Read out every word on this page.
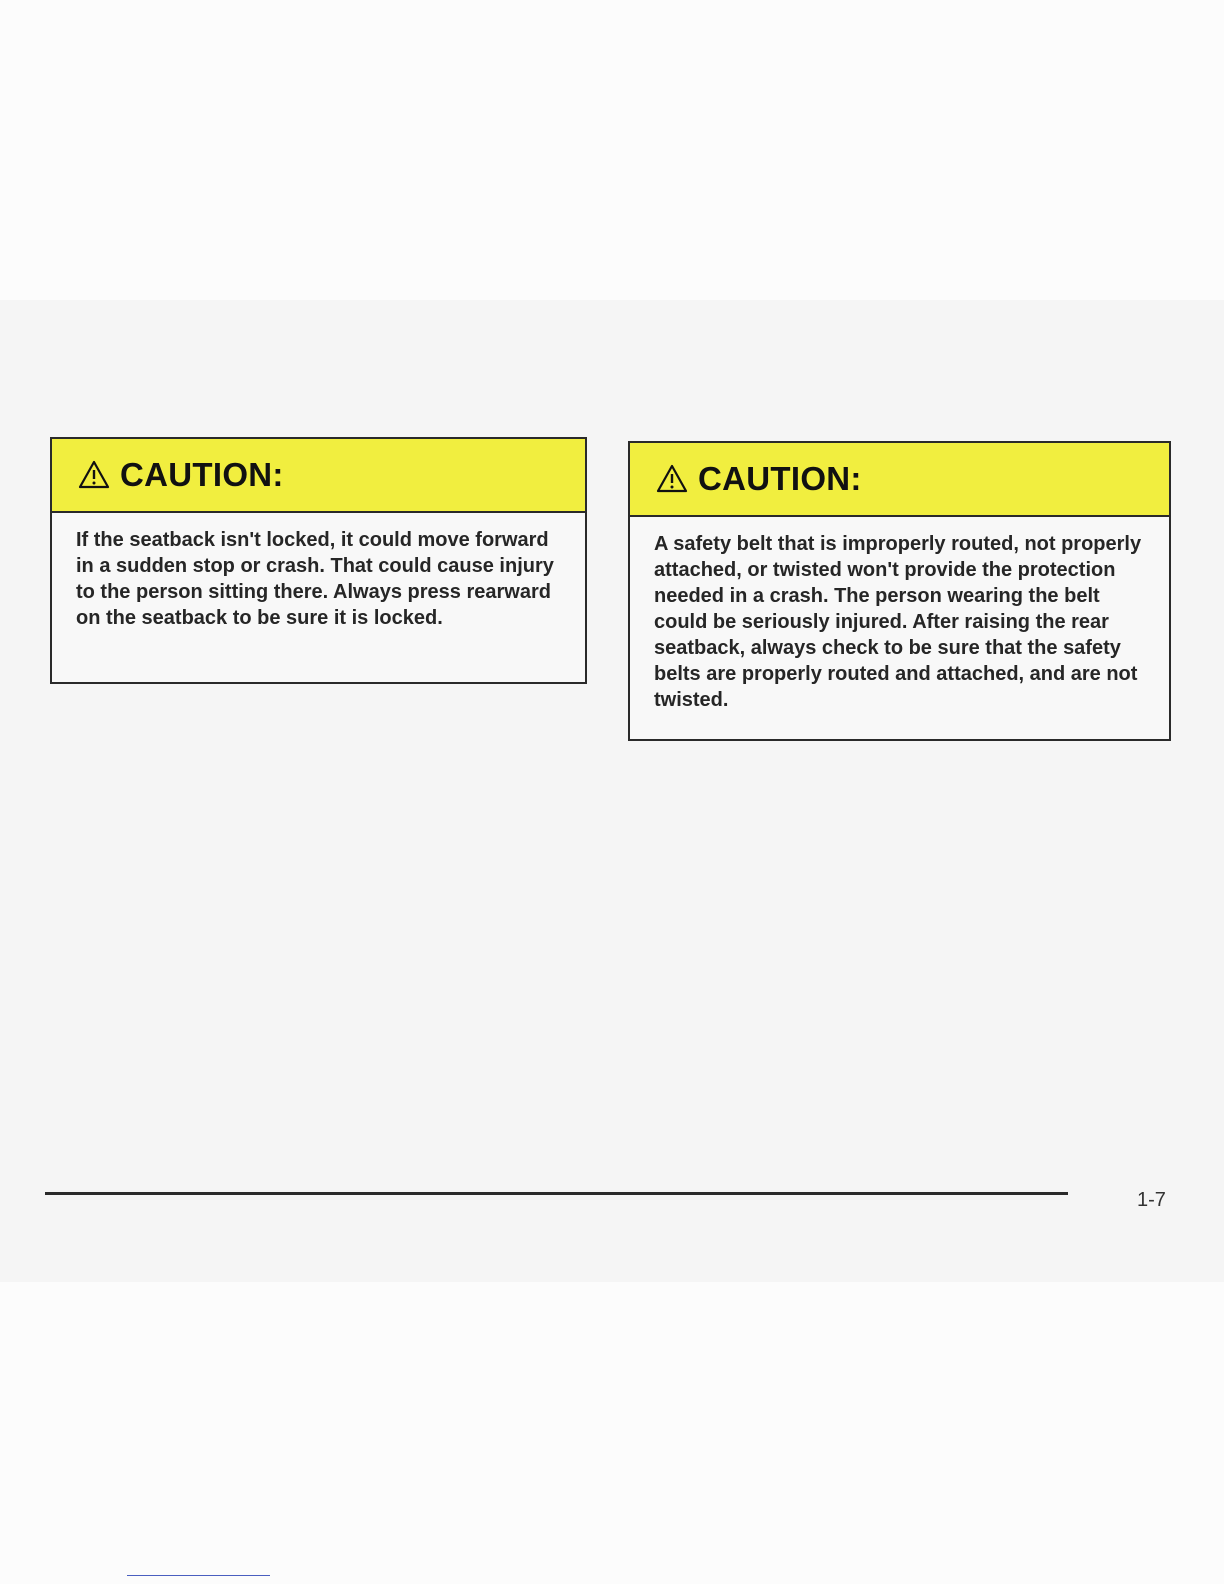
CAUTION:
If the seatback isn't locked, it could move forward in a sudden stop or crash. That could cause injury to the person sitting there. Always press rearward on the seatback to be sure it is locked.
CAUTION:
A safety belt that is improperly routed, not properly attached, or twisted won't provide the protection needed in a crash. The person wearing the belt could be seriously injured. After raising the rear seatback, always check to be sure that the safety belts are properly routed and attached, and are not twisted.
1-7
